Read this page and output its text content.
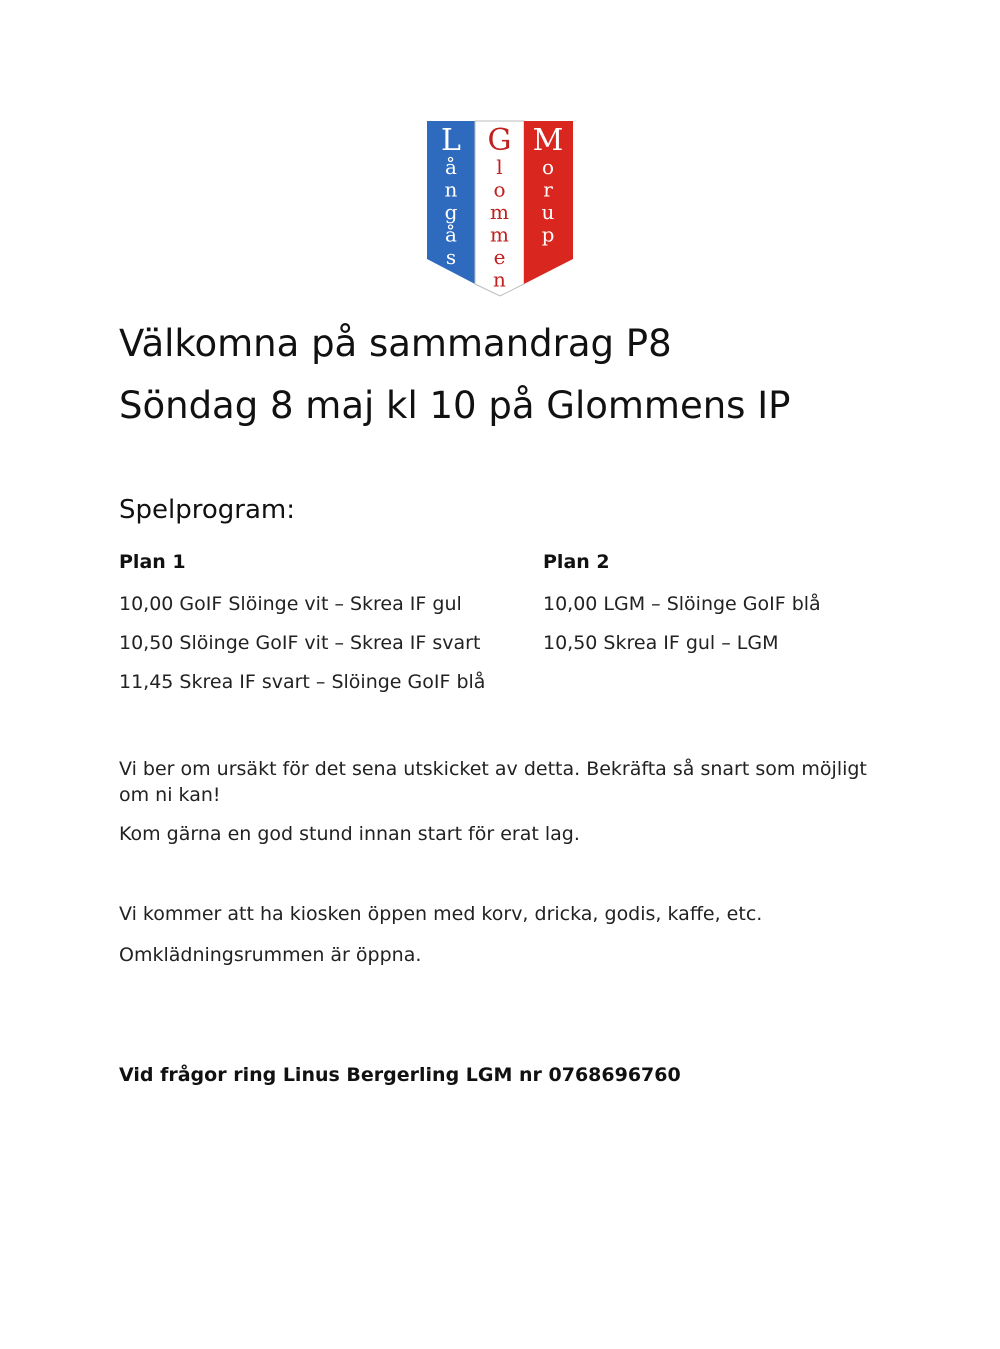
L
å
n
g
å
s
G
l
o
m
m
e
n
M
o
r
u
p
Välkomna på sammandrag P8
Söndag 8 maj kl 10 på Glommens IP
Spelprogram:
Plan 1
10,00 GoIF Slöinge vit – Skrea IF gul
10,50 Slöinge GoIF vit – Skrea IF svart
11,45 Skrea IF svart – Slöinge GoIF blå
Plan 2
10,00 LGM – Slöinge GoIF blå
10,50 Skrea IF gul – LGM
Vi ber om ursäkt för det sena utskicket av detta. Bekräfta så snart som möjligt om ni kan!
Kom gärna en god stund innan start för erat lag.
Vi kommer att ha kiosken öppen med korv, dricka, godis, kaffe, etc.
Omklädningsrummen är öppna.
Vid frågor ring Linus Bergerling LGM nr 0768696760
